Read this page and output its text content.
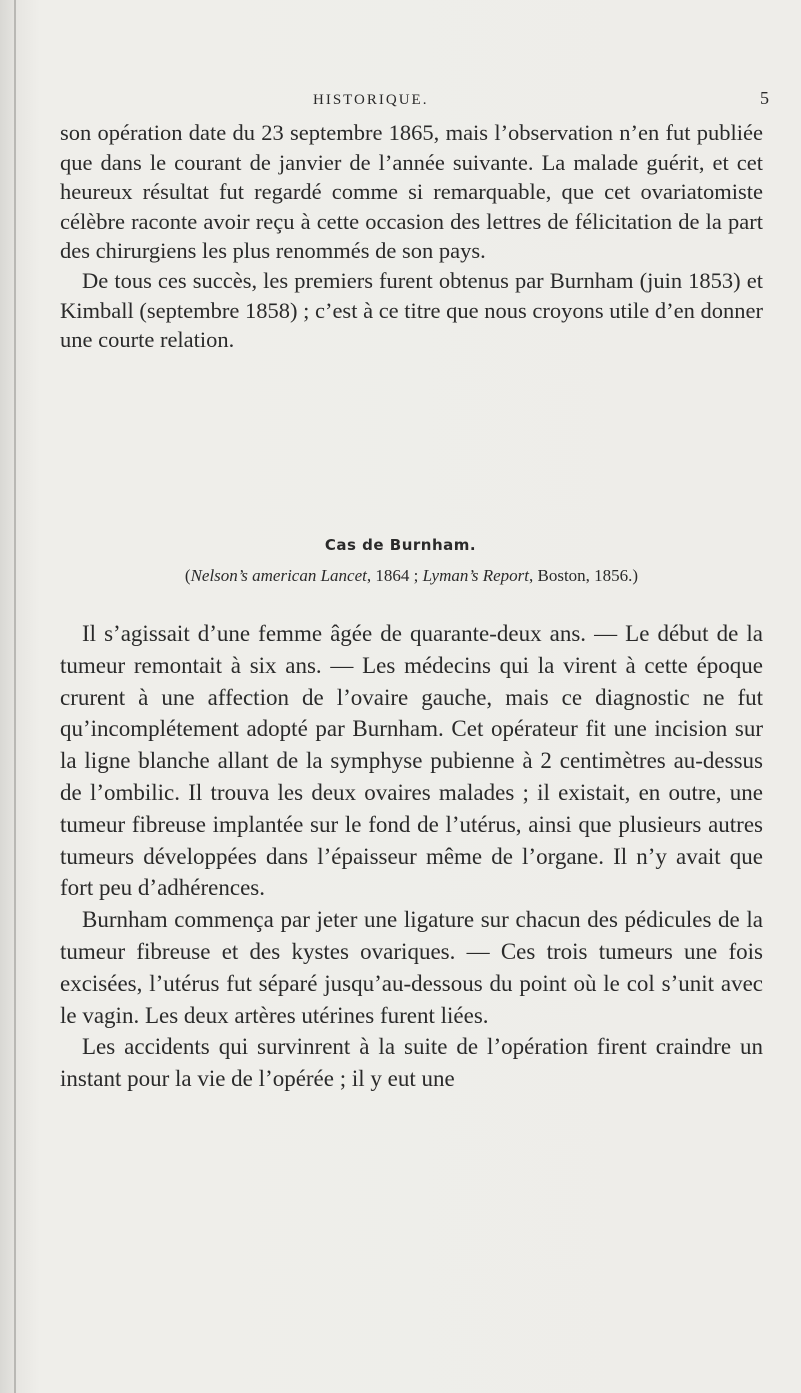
HISTORIQUE.	5
son opération date du 23 septembre 1865, mais l’observation n’en fut publiée que dans le courant de janvier de l’année suivante. La malade guérit, et cet heureux résultat fut regardé comme si remarquable, que cet ovariatomiste célèbre raconte avoir reçu à cette occasion des lettres de félicitation de la part des chirurgiens les plus renommés de son pays.
De tous ces succès, les premiers furent obtenus par Burnham (juin 1853) et Kimball (septembre 1858) ; c’est à ce titre que nous croyons utile d’en donner une courte relation.
Cas de Burnham.
(Nelson’s american Lancet, 1864 ; Lyman’s Report, Boston, 1856.)

Il s’agissait d’une femme âgée de quarante-deux ans. — Le début de la tumeur remontait à six ans. — Les médecins qui la virent à cette époque crurent à une affection de l’ovaire gauche, mais ce diagnostic ne fut qu’incomplétement adopté par Burnham. Cet opérateur fit une incision sur la ligne blanche allant de la symphyse pubienne à 2 centimètres au-dessus de l’ombilic. Il trouva les deux ovaires malades ; il existait, en outre, une tumeur fibreuse implantée sur le fond de l’utérus, ainsi que plusieurs autres tumeurs développées dans l’épaisseur même de l’organe. Il n’y avait que fort peu d’adhérences.

Burnham commença par jeter une ligature sur chacun des pédicules de la tumeur fibreuse et des kystes ovariques. — Ces trois tumeurs une fois excisées, l’utérus fut séparé jusqu’au-dessous du point où le col s’unit avec le vagin. Les deux artères utérines furent liées.

Les accidents qui survinrent à la suite de l’opération firent craindre un instant pour la vie de l’opérée ; il y eut une
